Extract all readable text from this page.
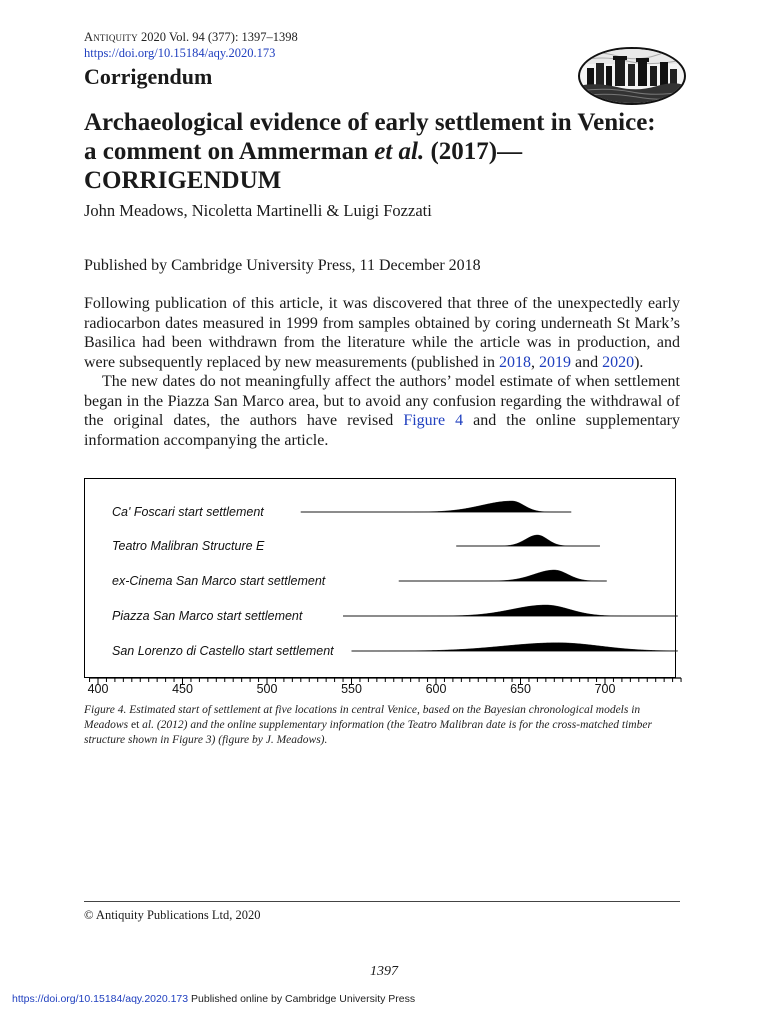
Antiquity 2020 Vol. 94 (377): 1397–1398
https://doi.org/10.15184/aqy.2020.173
Corrigendum
Archaeological evidence of early settlement in Venice:
a comment on Ammerman et al. (2017)—
CORRIGENDUM
John Meadows, Nicoletta Martinelli & Luigi Fozzati
Published by Cambridge University Press, 11 December 2018

Following publication of this article, it was discovered that three of the unexpectedly early radiocarbon dates measured in 1999 from samples obtained by coring underneath St Mark’s Basilica had been withdrawn from the literature while the article was in production, and were subsequently replaced by new measurements (published in 2018, 2019 and 2020).

The new dates do not meaningfully affect the authors’ model estimate of when settlement began in the Piazza San Marco area, but to avoid any confusion regarding the withdrawal of the original dates, the authors have revised Figure 4 and the online supplementary information accompanying the article.

Ca' Foscari start settlement
Teatro Malibran Structure E
ex-Cinema San Marco start settlement
Piazza San Marco start settlement
San Lorenzo di Castello start settlement
400	450	500	550	600	650	700
Figure 4. Estimated start of settlement at five locations in central Venice, based on the Bayesian chronological models in Meadows et al. (2012) and the online supplementary information (the Teatro Malibran date is for the cross-matched timber structure shown in Figure 3) (figure by J. Meadows).
© Antiquity Publications Ltd, 2020
1397
https://doi.org/10.15184/aqy.2020.173 Published online by Cambridge University Press
